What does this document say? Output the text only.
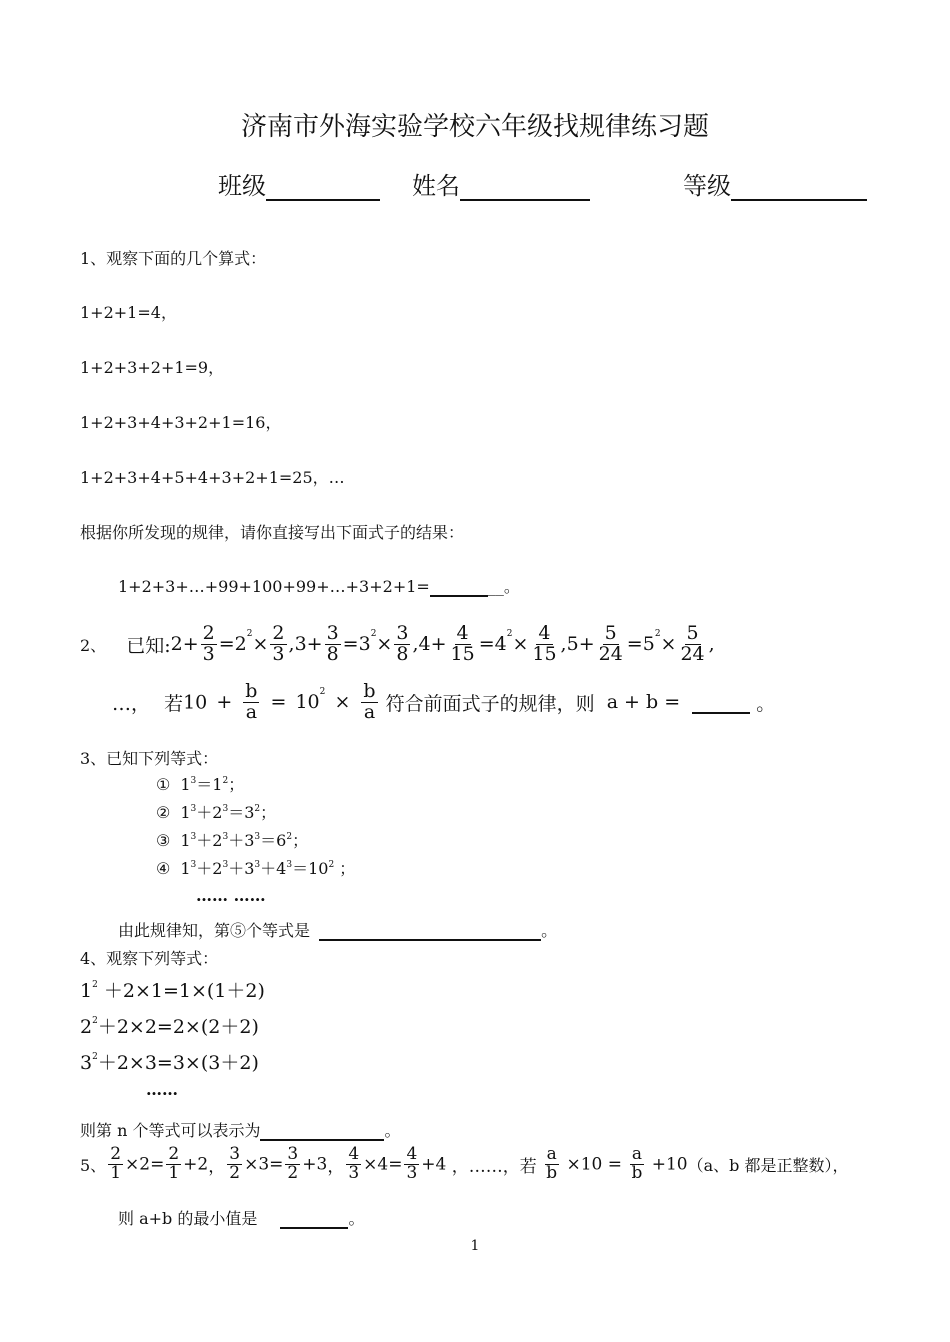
济南市外海实验学校六年级找规律练习题
班级	姓名	等级
1、观察下面的几个算式：
1+2+1=4，
1+2+3+2+1=9，
1+2+3+4+3+2+1=16，
1+2+3+4+5+4+3+2+1=25，…
根据你所发现的规律，请你直接写出下面式子的结果：
1+2+3+…+99+100+99+…+3+2+1=	__。
2、 已知:2+ $\frac{2}{3} =2^2\times \frac{2}{3} ,3+ \frac{3}{8} =3^2\times \frac{3}{8} ,4+ \frac{4}{15} =4^2\times \frac{4}{15} ,5+ \frac{5}{24} =5^2\times \frac{5}{24}$ ,
…， 若$10 + \frac{b}{a} = 10^2 \times \frac{b}{a}$ 符合前面式子的规律，则 a + b =	。
3、已知下列等式：
① $1^3=1^2$；
② $1^3+2^3=3^2$；
③ $1^3+2^3+3^3=6^2$；
④ $1^3+2^3+3^3+4^3=10^2$ ；
…… ……
由此规律知，第⑤个等式是	。
4、观察下列等式：
$1^2 +2\times 1=1\times(1+2)$
$2^2+2\times 2=2\times(2+2)$
$3^2+2\times 3=3\times(3+2)$
……
则第 n 个等式可以表示为	。
5、 $\frac{2}{1} \times 2= \frac{2}{1} +2$， $\frac{3}{2} \times 3= \frac{3}{2} +3$， $\frac{4}{3} \times 4= \frac{4}{3} +4$ ，……，若 $\frac{a}{b} \times 10 = \frac{a}{b} +10(a$、b 都是正整数），
则 a+b 的最小值是	。
1
